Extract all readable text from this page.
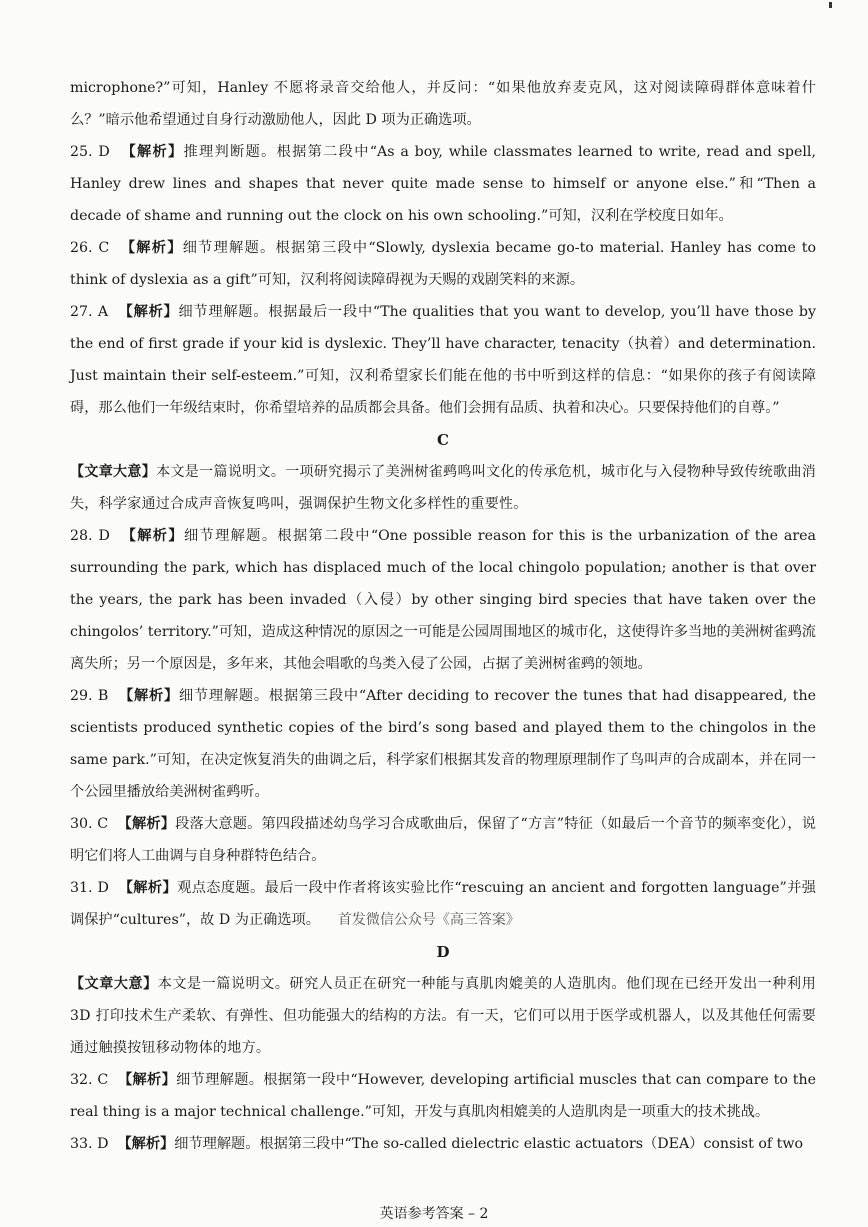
microphone?”可知，Hanley 不愿将录音交给他人，并反问：“如果他放弃麦克风，这对阅读障碍群体意味着什么？”暗示他希望通过自身行动激励他人，因此 D 项为正确选项。

25. D 【解析】推理判断题。根据第二段中“As a boy, while classmates learned to write, read and spell, Hanley drew lines and shapes that never quite made sense to himself or anyone else.”和“Then a decade of shame and running out the clock on his own schooling.”可知，汉利在学校度日如年。

26. C 【解析】细节理解题。根据第三段中“Slowly, dyslexia became go-to material. Hanley has come to think of dyslexia as a gift”可知，汉利将阅读障碍视为天赐的戏剧笑料的来源。

27. A 【解析】细节理解题。根据最后一段中“The qualities that you want to develop, you’ll have those by the end of first grade if your kid is dyslexic. They’ll have character, tenacity（执着）and determination. Just maintain their self-esteem.”可知，汉利希望家长们能在他的书中听到这样的信息：“如果你的孩子有阅读障碍，那么他们一年级结束时，你希望培养的品质都会具备。他们会拥有品质、执着和决心。只要保持他们的自尊。”

C

【文章大意】本文是一篇说明文。一项研究揭示了美洲树雀鹀鸣叫文化的传承危机，城市化与入侵物种导致传统歌曲消失，科学家通过合成声音恢复鸣叫，强调保护生物文化多样性的重要性。

28. D 【解析】细节理解题。根据第二段中“One possible reason for this is the urbanization of the area surrounding the park, which has displaced much of the local chingolo population; another is that over the years, the park has been invaded（入侵）by other singing bird species that have taken over the chingolos’ territory.”可知，造成这种情况的原因之一可能是公园周围地区的城市化，这使得许多当地的美洲树雀鹀流离失所；另一个原因是，多年来，其他会唱歌的鸟类入侵了公园，占据了美洲树雀鹀的领地。

29. B 【解析】细节理解题。根据第三段中“After deciding to recover the tunes that had disappeared, the scientists produced synthetic copies of the bird’s song based and played them to the chingolos in the same park.”可知，在决定恢复消失的曲调之后，科学家们根据其发音的物理原理制作了鸟叫声的合成副本，并在同一个公园里播放给美洲树雀鹀听。

30. C 【解析】段落大意题。第四段描述幼鸟学习合成歌曲后，保留了“方言”特征（如最后一个音节的频率变化），说明它们将人工曲调与自身种群特色结合。

31. D 【解析】观点态度题。最后一段中作者将该实验比作“rescuing an ancient and forgotten language”并强调保护“cultures”，故 D 为正确选项。 首发微信公众号《高三答案》

D

【文章大意】本文是一篇说明文。研究人员正在研究一种能与真肌肉媲美的人造肌肉。他们现在已经开发出一种利用 3D 打印技术生产柔软、有弹性、但功能强大的结构的方法。有一天，它们可以用于医学或机器人，以及其他任何需要通过触摸按钮移动物体的地方。

32. C 【解析】细节理解题。根据第一段中“However, developing artificial muscles that can compare to the real thing is a major technical challenge.”可知，开发与真肌肉相媲美的人造肌肉是一项重大的技术挑战。

33. D 【解析】细节理解题。根据第三段中“The so-called dielectric elastic actuators（DEA）consist of two

英语参考答案 – 2
